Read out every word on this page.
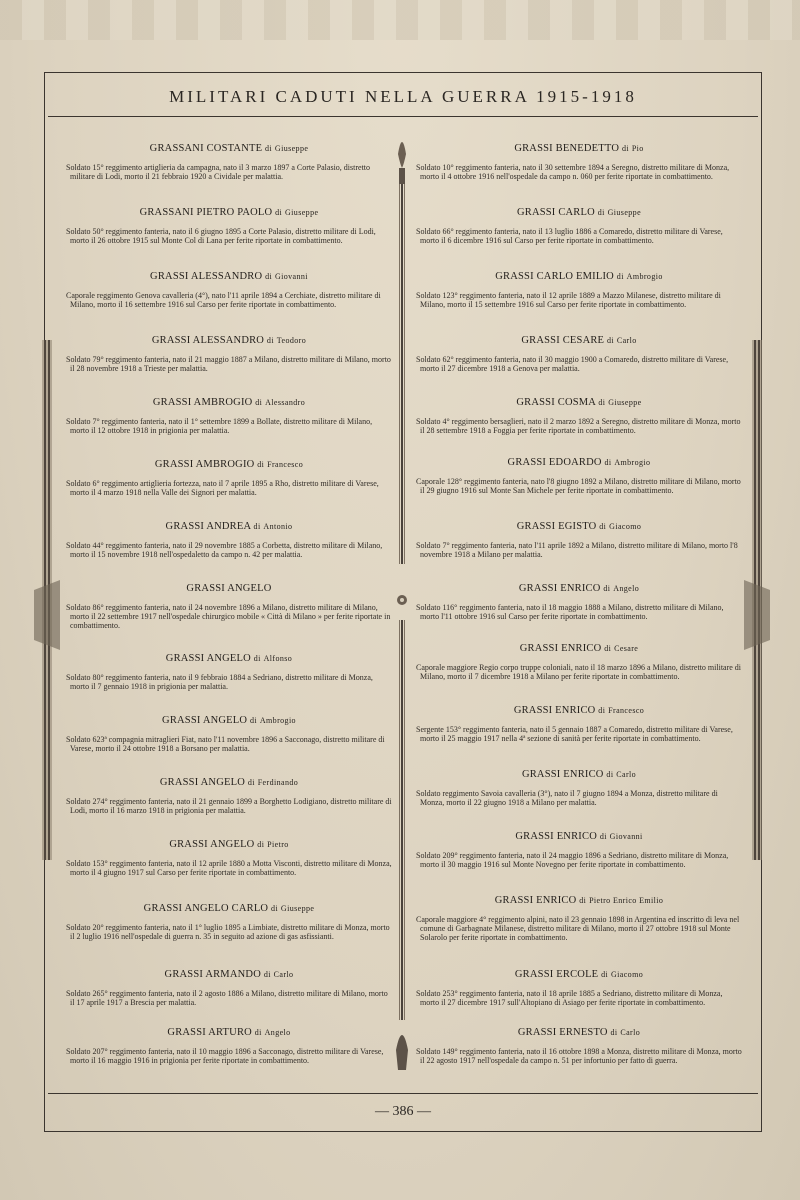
MILITARI CADUTI NELLA GUERRA 1915-1918

GRASSANI COSTANTE di Giuseppe

Soldato 15° reggimento artiglieria da campagna, nato il 3 marzo 1897 a Corte Palasio, distretto militare di Lodi, morto il 21 febbraio 1920 a Cividale per malattia.

GRASSANI PIETRO PAOLO di Giuseppe

Soldato 50° reggimento fanteria, nato il 6 giugno 1895 a Corte Palasio, distretto militare di Lodi, morto il 26 ottobre 1915 sul Monte Col di Lana per ferite riportate in combattimento.

GRASSI ALESSANDRO di Giovanni

Caporale reggimento Genova cavalleria (4°), nato l'11 aprile 1894 a Cerchiate, distretto militare di Milano, morto il 16 settembre 1916 sul Carso per ferite riportate in combattimento.

GRASSI ALESSANDRO di Teodoro

Soldato 79° reggimento fanteria, nato il 21 maggio 1887 a Milano, distretto militare di Milano, morto il 28 novembre 1918 a Trieste per malattia.

GRASSI AMBROGIO di Alessandro

Soldato 7° reggimento fanteria, nato il 1° settembre 1899 a Bollate, distretto militare di Milano, morto il 12 ottobre 1918 in prigionia per malattia.

GRASSI AMBROGIO di Francesco

Soldato 6° reggimento artiglieria fortezza, nato il 7 aprile 1895 a Rho, distretto militare di Varese, morto il 4 marzo 1918 nella Valle dei Signori per malattia.

GRASSI ANDREA di Antonio

Soldato 44° reggimento fanteria, nato il 29 novembre 1885 a Corbetta, distretto militare di Milano, morto il 15 novembre 1918 nell'ospedaletto da campo n. 42 per malattia.

GRASSI ANGELO

Soldato 86° reggimento fanteria, nato il 24 novembre 1896 a Milano, distretto militare di Milano, morto il 22 settembre 1917 nell'ospedale chirurgico mobile « Città di Milano » per ferite riportate in combattimento.

GRASSI ANGELO di Alfonso

Soldato 80° reggimento fanteria, nato il 9 febbraio 1884 a Sedriano, distretto militare di Monza, morto il 7 gennaio 1918 in prigionia per malattia.

GRASSI ANGELO di Ambrogio

Soldato 623ª compagnia mitraglieri Fiat, nato l'11 novembre 1896 a Sacconago, distretto militare di Varese, morto il 24 ottobre 1918 a Borsano per malattia.

GRASSI ANGELO di Ferdinando

Soldato 274° reggimento fanteria, nato il 21 gennaio 1899 a Borghetto Lodigiano, distretto militare di Lodi, morto il 16 marzo 1918 in prigionia per malattia.

GRASSI ANGELO di Pietro

Soldato 153° reggimento fanteria, nato il 12 aprile 1880 a Motta Visconti, distretto militare di Monza, morto il 4 giugno 1917 sul Carso per ferite riportate in combattimento.

GRASSI ANGELO CARLO di Giuseppe

Soldato 20° reggimento fanteria, nato il 1° luglio 1895 a Limbiate, distretto militare di Monza, morto il 2 luglio 1916 nell'ospedale di guerra n. 35 in seguito ad azione di gas asfissianti.

GRASSI ARMANDO di Carlo

Soldato 265° reggimento fanteria, nato il 2 agosto 1886 a Milano, distretto militare di Milano, morto il 17 aprile 1917 a Brescia per malattia.

GRASSI ARTURO di Angelo

Soldato 207° reggimento fanteria, nato il 10 maggio 1896 a Sacconago, distretto militare di Varese, morto il 16 maggio 1916 in prigionia per ferite riportate in combattimento.

GRASSI BENEDETTO di Pio

Soldato 10° reggimento fanteria, nato il 30 settembre 1894 a Seregno, distretto militare di Monza, morto il 4 ottobre 1916 nell'ospedale da campo n. 060 per ferite riportate in combattimento.

GRASSI CARLO di Giuseppe

Soldato 66° reggimento fanteria, nato il 13 luglio 1886 a Comaredo, distretto militare di Varese, morto il 6 dicembre 1916 sul Carso per ferite riportate in combattimento.

GRASSI CARLO EMILIO di Ambrogio

Soldato 123° reggimento fanteria, nato il 12 aprile 1889 a Mazzo Milanese, distretto militare di Milano, morto il 15 settembre 1916 sul Carso per ferite riportate in combattimento.

GRASSI CESARE di Carlo

Soldato 62° reggimento fanteria, nato il 30 maggio 1900 a Comaredo, distretto militare di Varese, morto il 27 dicembre 1918 a Genova per malattia.

GRASSI COSMA di Giuseppe

Soldato 4° reggimento bersaglieri, nato il 2 marzo 1892 a Seregno, distretto militare di Monza, morto il 28 settembre 1918 a Foggia per ferite riportate in combattimento.

GRASSI EDOARDO di Ambrogio

Caporale 128° reggimento fanteria, nato l'8 giugno 1892 a Milano, distretto militare di Milano, morto il 29 giugno 1916 sul Monte San Michele per ferite riportate in combattimento.

GRASSI EGISTO di Giacomo

Soldato 7° reggimento fanteria, nato l'11 aprile 1892 a Milano, distretto militare di Milano, morto l'8 novembre 1918 a Milano per malattia.

GRASSI ENRICO di Angelo

Soldato 116° reggimento fanteria, nato il 18 maggio 1888 a Milano, distretto militare di Milano, morto l'11 ottobre 1916 sul Carso per ferite riportate in combattimento.

GRASSI ENRICO di Cesare

Caporale maggiore Regio corpo truppe coloniali, nato il 18 marzo 1896 a Milano, distretto militare di Milano, morto il 7 dicembre 1918 a Milano per ferite riportate in combattimento.

GRASSI ENRICO di Francesco

Sergente 153° reggimento fanteria, nato il 5 gennaio 1887 a Comaredo, distretto militare di Varese, morto il 25 maggio 1917 nella 4ª sezione di sanità per ferite riportate in combattimento.

GRASSI ENRICO di Carlo

Soldato reggimento Savoia cavalleria (3°), nato il 7 giugno 1894 a Monza, distretto militare di Monza, morto il 22 giugno 1918 a Milano per malattia.

GRASSI ENRICO di Giovanni

Soldato 209° reggimento fanteria, nato il 24 maggio 1896 a Sedriano, distretto militare di Monza, morto il 30 maggio 1916 sul Monte Novegno per ferite riportate in combattimento.

GRASSI ENRICO di Pietro Enrico Emilio

Caporale maggiore 4° reggimento alpini, nato il 23 gennaio 1898 in Argentina ed inscritto di leva nel comune di Garbagnate Milanese, distretto militare di Milano, morto il 27 ottobre 1918 sul Monte Solarolo per ferite riportate in combattimento.

GRASSI ERCOLE di Giacomo

Soldato 253° reggimento fanteria, nato il 18 aprile 1885 a Sedriano, distretto militare di Monza, morto il 27 dicembre 1917 sull'Altopiano di Asiago per ferite riportate in combattimento.

GRASSI ERNESTO di Carlo

Soldato 149° reggimento fanteria, nato il 16 ottobre 1898 a Monza, distretto militare di Monza, morto il 22 agosto 1917 nell'ospedale da campo n. 51 per infortunio per fatto di guerra.

— 386 —
